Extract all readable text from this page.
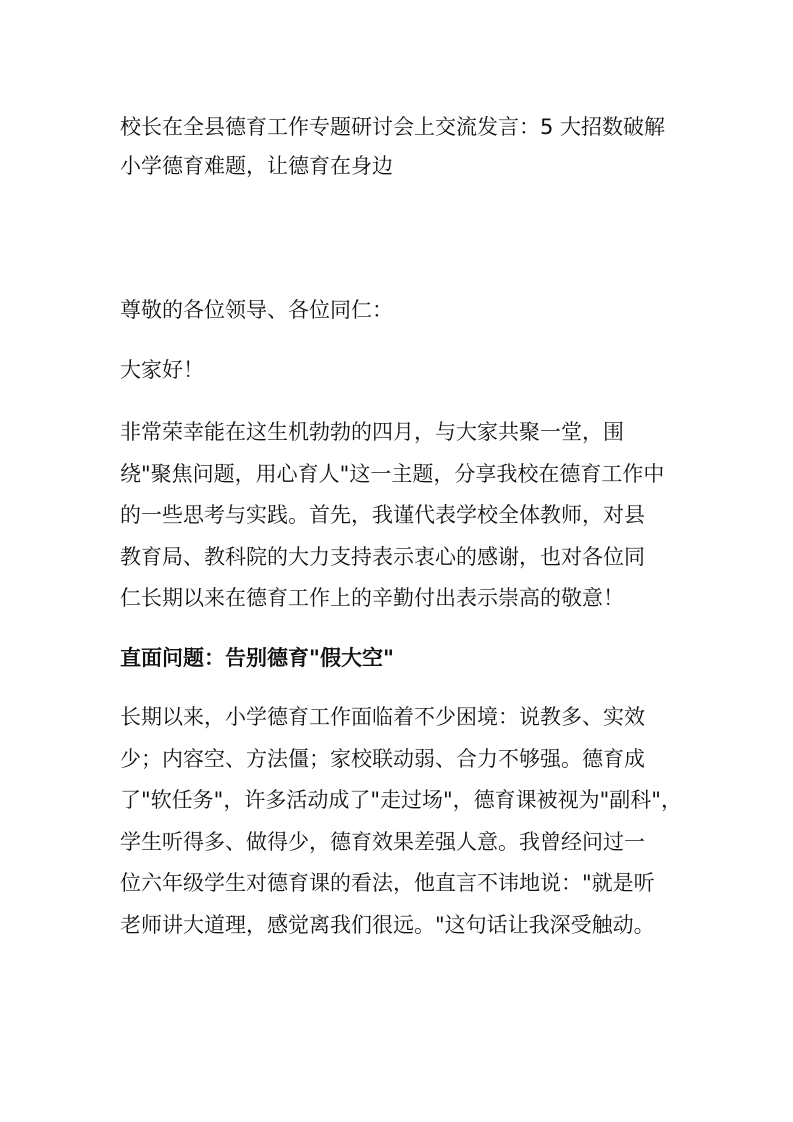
校长在全县德育工作专题研讨会上交流发言：5 大招数破解
小学德育难题，让德育在身边

尊敬的各位领导、各位同仁：

大家好！

非常荣幸能在这生机勃勃的四月，与大家共聚一堂，围
绕"聚焦问题，用心育人"这一主题，分享我校在德育工作中
的一些思考与实践。首先，我谨代表学校全体教师，对县
教育局、教科院的大力支持表示衷心的感谢，也对各位同
仁长期以来在德育工作上的辛勤付出表示崇高的敬意！

直面问题：告别德育"假大空"

长期以来，小学德育工作面临着不少困境：说教多、实效
少；内容空、方法僵；家校联动弱、合力不够强。德育成
了"软任务"，许多活动成了"走过场"，德育课被视为"副科"，
学生听得多、做得少，德育效果差强人意。我曾经问过一
位六年级学生对德育课的看法，他直言不讳地说："就是听
老师讲大道理，感觉离我们很远。"这句话让我深受触动。
